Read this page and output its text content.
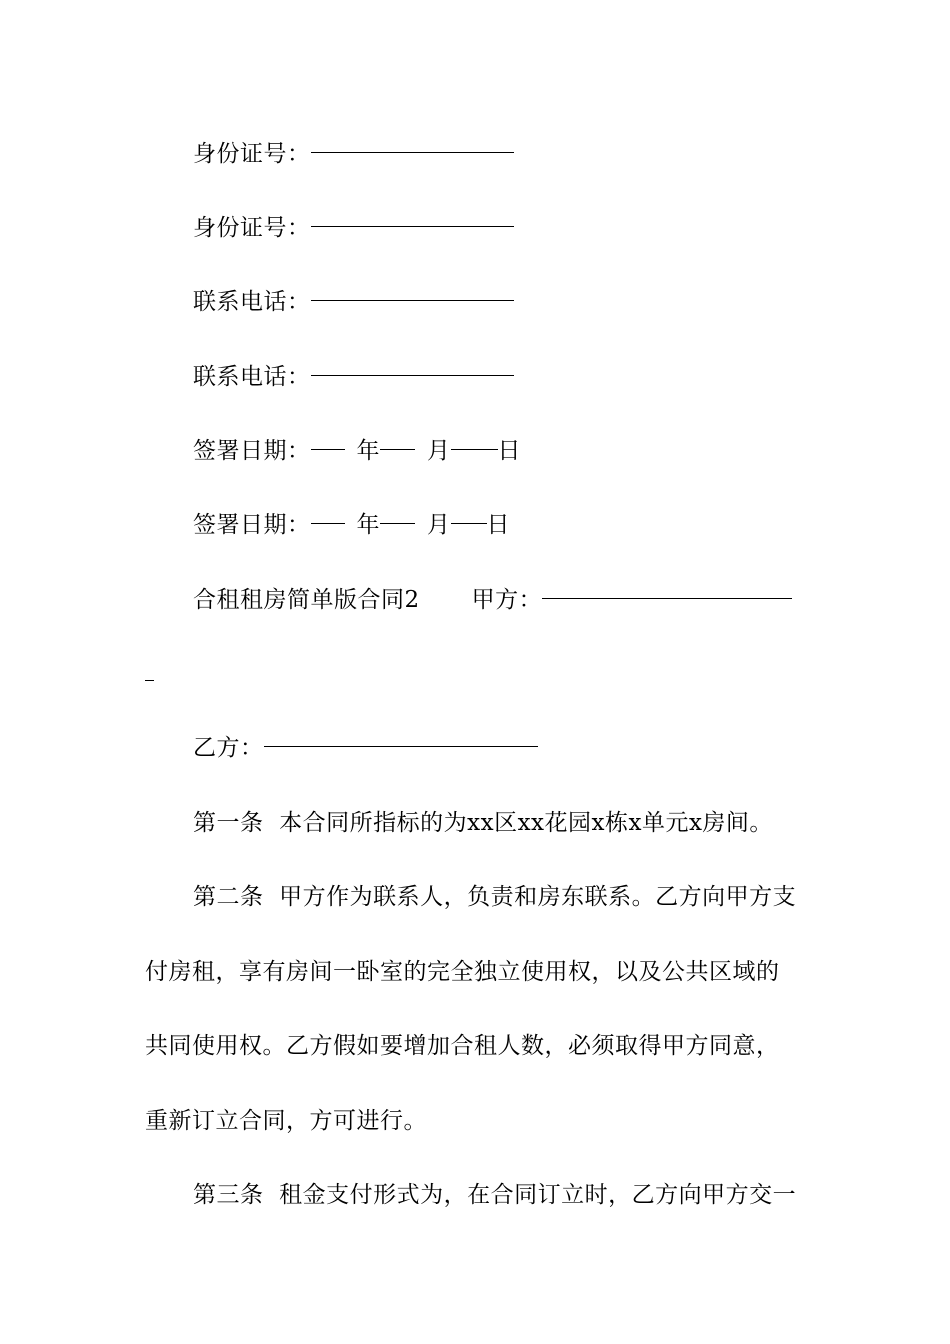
身份证号：
身份证号：
联系电话：
联系电话：
签署日期： 年 月 日
签署日期： 年 月 日
合租租房简单版合同2 甲方：
乙方：
第一条  本合同所指标的为xx区xx花园x栋x单元x房间。
第二条  甲方作为联系人，负责和房东联系。乙方向甲方支
付房租，享有房间一卧室的完全独立使用权，以及公共区域的
共同使用权。乙方假如要增加合租人数，必须取得甲方同意，
重新订立合同，方可进行。
第三条  租金支付形式为，在合同订立时，乙方向甲方交一
